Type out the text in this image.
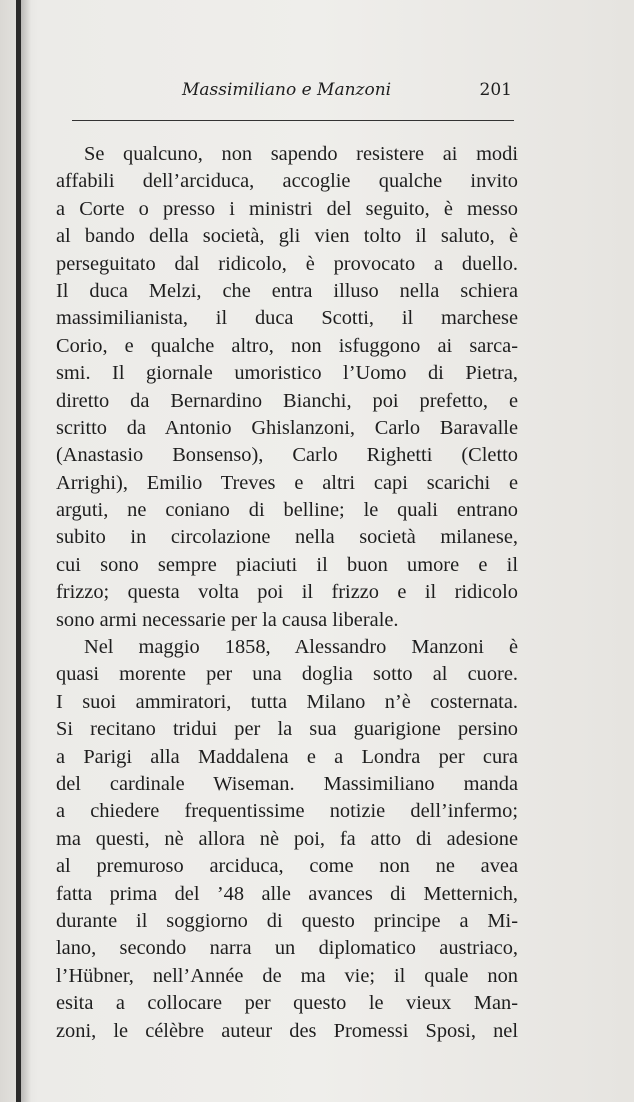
Massimiliano e Manzoni	201
Se qualcuno, non sapendo resistere ai modi
affabili dell’arciduca, accoglie qualche invito
a Corte o presso i ministri del seguito, è messo
al bando della società, gli vien tolto il saluto, è
perseguitato dal ridicolo, è provocato a duello.
Il duca Melzi, che entra illuso nella schiera
massimilianista, il duca Scotti, il marchese
Corio, e qualche altro, non isfuggono ai sarca-
smi. Il giornale umoristico l’Uomo di Pietra,
diretto da Bernardino Bianchi, poi prefetto, e
scritto da Antonio Ghislanzoni, Carlo Baravalle
(Anastasio Bonsenso), Carlo Righetti (Cletto
Arrighi), Emilio Treves e altri capi scarichi e
arguti, ne coniano di belline; le quali entrano
subito in circolazione nella società milanese,
cui sono sempre piaciuti il buon umore e il
frizzo; questa volta poi il frizzo e il ridicolo
sono armi necessarie per la causa liberale.
Nel maggio 1858, Alessandro Manzoni è
quasi morente per una doglia sotto al cuore.
I suoi ammiratori, tutta Milano n’è costernata.
Si recitano tridui per la sua guarigione persino
a Parigi alla Maddalena e a Londra per cura
del cardinale Wiseman. Massimiliano manda
a chiedere frequentissime notizie dell’infermo;
ma questi, nè allora nè poi, fa atto di adesione
al premuroso arciduca, come non ne avea
fatta prima del ’48 alle avances di Metternich,
durante il soggiorno di questo principe a Mi-
lano, secondo narra un diplomatico austriaco,
l’Hübner, nell’Année de ma vie; il quale non
esita a collocare per questo le vieux Man-
zoni, le célèbre auteur des Promessi Sposi, nel
